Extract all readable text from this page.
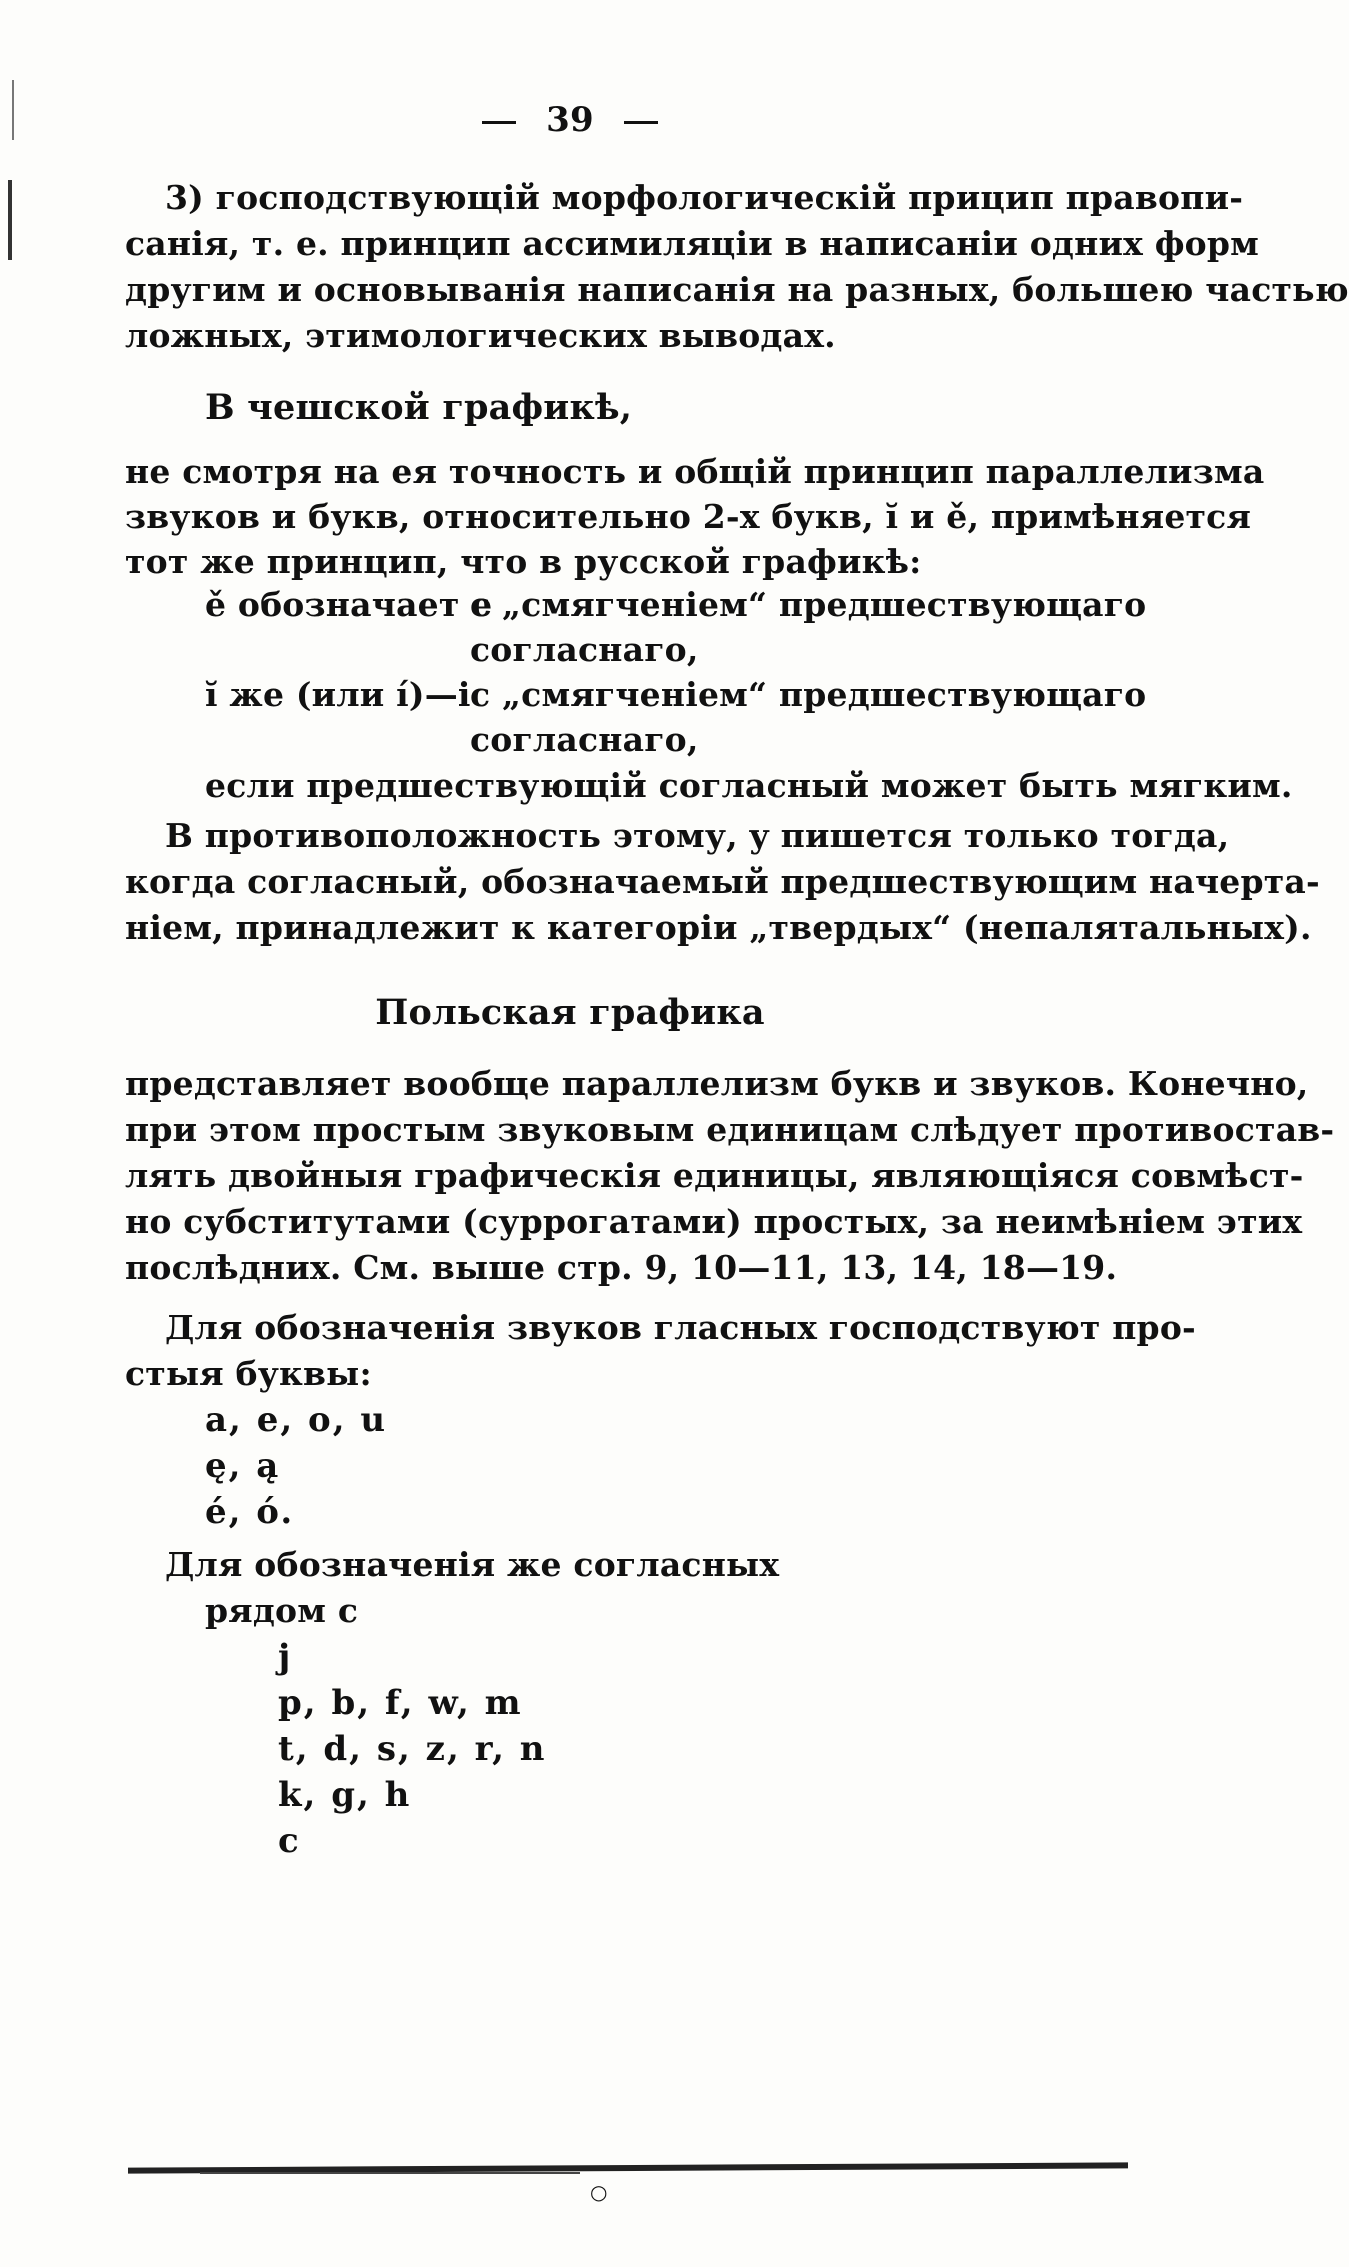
39
3) господствующій морфологическій прицип правопи-
санія, т. е. принцип ассимиляціи в написаніи одних форм
другим и основыванія написанія на разных, большею частью
ложных, этимологических выводах.
В чешской графикѣ,
не смотря на ея точность и общій принцип параллелизма
звуков и букв, относительно 2-х букв, ĭ и ě, примѣняется
тот же принцип, что в русской графикѣ:
ě обозначает е
с „смягченіем“ предшествующаго
согласнаго,
ĭ же (или í)—i с „смягченіем“ предшествующаго
согласнаго,
если предшествующій согласный может быть мягким.
В противоположность этому, y пишется только тогда,
когда согласный, обозначаемый предшествующим начерта-
ніем, принадлежит к категоріи „твердых“ (непалятальных).
Польская графика
представляет вообще параллелизм букв и звуков. Конечно,
при этом простым звуковым единицам слѣдует противостав-
лять двойныя графическія единицы, являющіяся совмѣст-
но субститутами (суррогатами) простых, за неимѣніем этих
послѣдних. См. выше стр. 9, 10—11, 13, 14, 18—19.
Для обозначенія звуков гласных господствуют про-
стыя буквы:
a, e, o, u
ę, ą
é, ó.
Для обозначенія же согласных
рядом с
j
p, b, f, w, m
t, d, s, z, r, n
k, g, h
c
○
